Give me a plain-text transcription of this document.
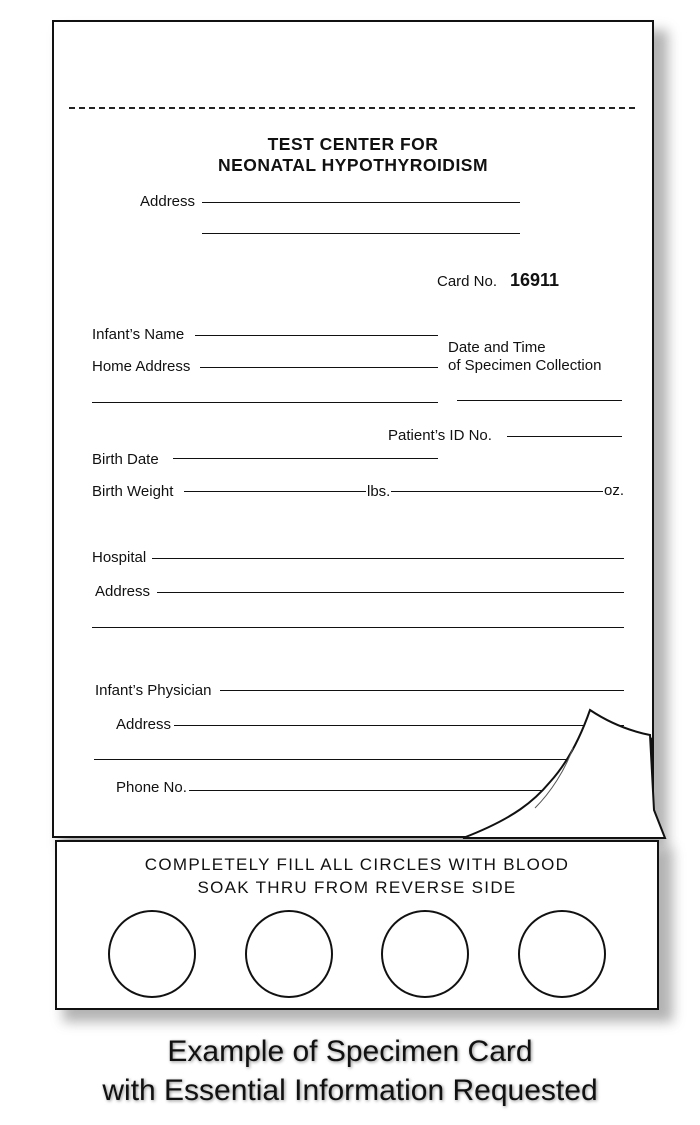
TEST CENTER FOR
NEONATAL HYPOTHYROIDISM
Address
Card No. 16911
Infant’s Name
Date and Time
of Specimen Collection
Home Address
Patient’s ID No.
Birth Date
Birth Weight	lbs.	oz.
Hospital
Address
Infant’s Physician
Address
Phone No.
COMPLETELY FILL ALL CIRCLES WITH BLOOD
SOAK THRU FROM REVERSE SIDE
Example of Specimen Card
with Essential Information Requested
